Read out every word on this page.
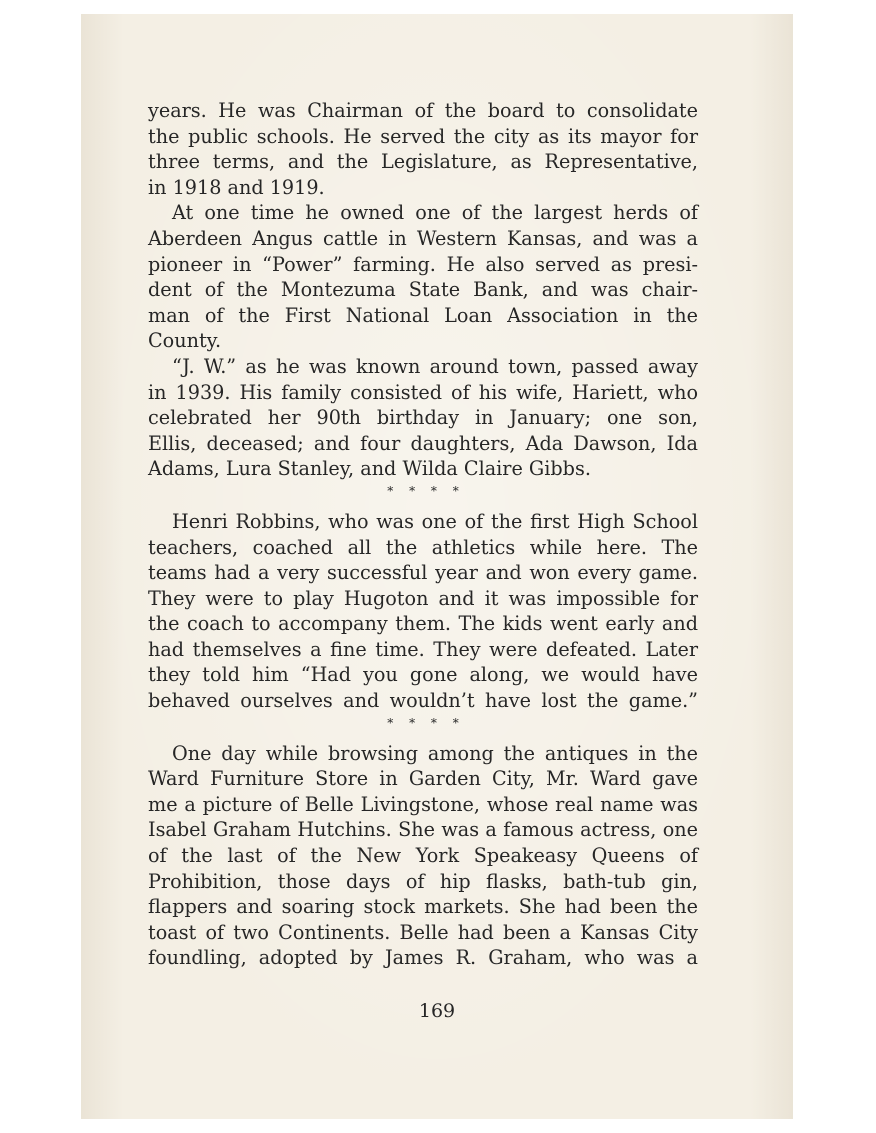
years. He was Chairman of the board to consolidate
the public schools. He served the city as its mayor for
three terms, and the Legislature, as Representative,
in 1918 and 1919.
At one time he owned one of the largest herds of
Aberdeen Angus cattle in Western Kansas, and was a
pioneer in “Power” farming. He also served as presi-
dent of the Montezuma State Bank, and was chair-
man of the First National Loan Association in the
County.
“J. W.” as he was known around town, passed away
in 1939. His family consisted of his wife, Hariett, who
celebrated her 90th birthday in January; one son,
Ellis, deceased; and four daughters, Ada Dawson, Ida
Adams, Lura Stanley, and Wilda Claire Gibbs.
* * * *
Henri Robbins, who was one of the first High School
teachers, coached all the athletics while here. The
teams had a very successful year and won every game.
They were to play Hugoton and it was impossible for
the coach to accompany them. The kids went early and
had themselves a fine time. They were defeated. Later
they told him “Had you gone along, we would have
behaved ourselves and wouldn’t have lost the game.”
* * * *
One day while browsing among the antiques in the
Ward Furniture Store in Garden City, Mr. Ward gave
me a picture of Belle Livingstone, whose real name was
Isabel Graham Hutchins. She was a famous actress, one
of the last of the New York Speakeasy Queens of
Prohibition, those days of hip flasks, bath-tub gin,
flappers and soaring stock markets. She had been the
toast of two Continents. Belle had been a Kansas City
foundling, adopted by James R. Graham, who was a
169
